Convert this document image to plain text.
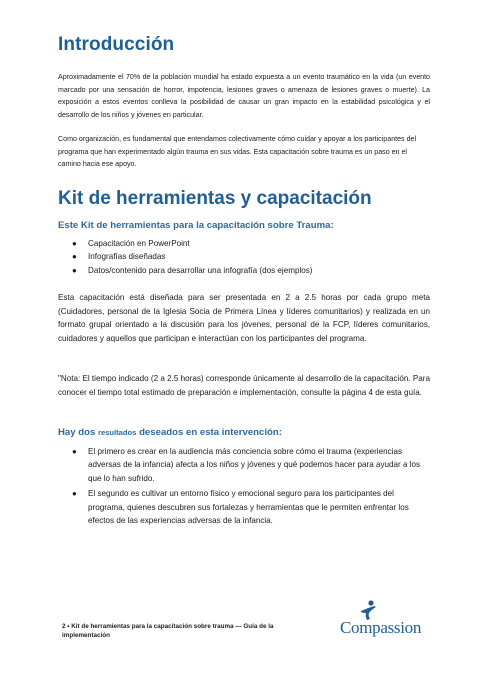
Introducción

Aproximadamente el 70% de la población mundial ha estado expuesta a un evento traumático en la vida (un evento marcado por una sensación de horror, impotencia, lesiones graves o amenaza de lesiones graves o muerte). La exposición a estos eventos conlleva la posibilidad de causar un gran impacto en la estabilidad psicológica y el desarrollo de los niños y jóvenes en particular.

Como organización, es fundamental que entendamos colectivamente cómo cuidar y apoyar a los participantes del programa que han experimentado algún trauma en sus vidas. Esta capacitación sobre trauma es un paso en el camino hacia ese apoyo.

Kit de herramientas y capacitación
Este Kit de herramientas para la capacitación sobre Trauma:
● Capacitación en PowerPoint
● Infografías diseñadas
● Datos/contenido para desarrollar una infografía (dos ejemplos)

Esta capacitación está diseñada para ser presentada en 2 a 2.5 horas por cada grupo meta (Cuidadores, personal de la Iglesia Socia de Primera Línea y líderes comunitarios) y realizada en un formato grupal orientado a la discusión para los jóvenes, personal de la FCP, líderes comunitarios, cuidadores y aquellos que participan e interactúan con los participantes del programa.

"Nota: El tiempo indicado (2 a 2.5 horas) corresponde únicamente al desarrollo de la capacitación. Para conocer el tiempo total estimado de preparación e implementación, consulte la página 4 de esta guía.

Hay dos resultados deseados en esta intervención:
● El primero es crear en la audiencia más conciencia sobre cómo el trauma (experiencias adversas de la infancia) afecta a los niños y jóvenes y qué podemos hacer para ayudar a los que lo han sufrido.
● El segundo es cultivar un entorno físico y emocional seguro para los participantes del programa, quienes descubren sus fortalezas y herramientas que le permiten enfrentar los efectos de las experiencias adversas de la infancia.
2 • Kit de herramientas para la capacitación sobre trauma — Guía de la implementación	Compassion
